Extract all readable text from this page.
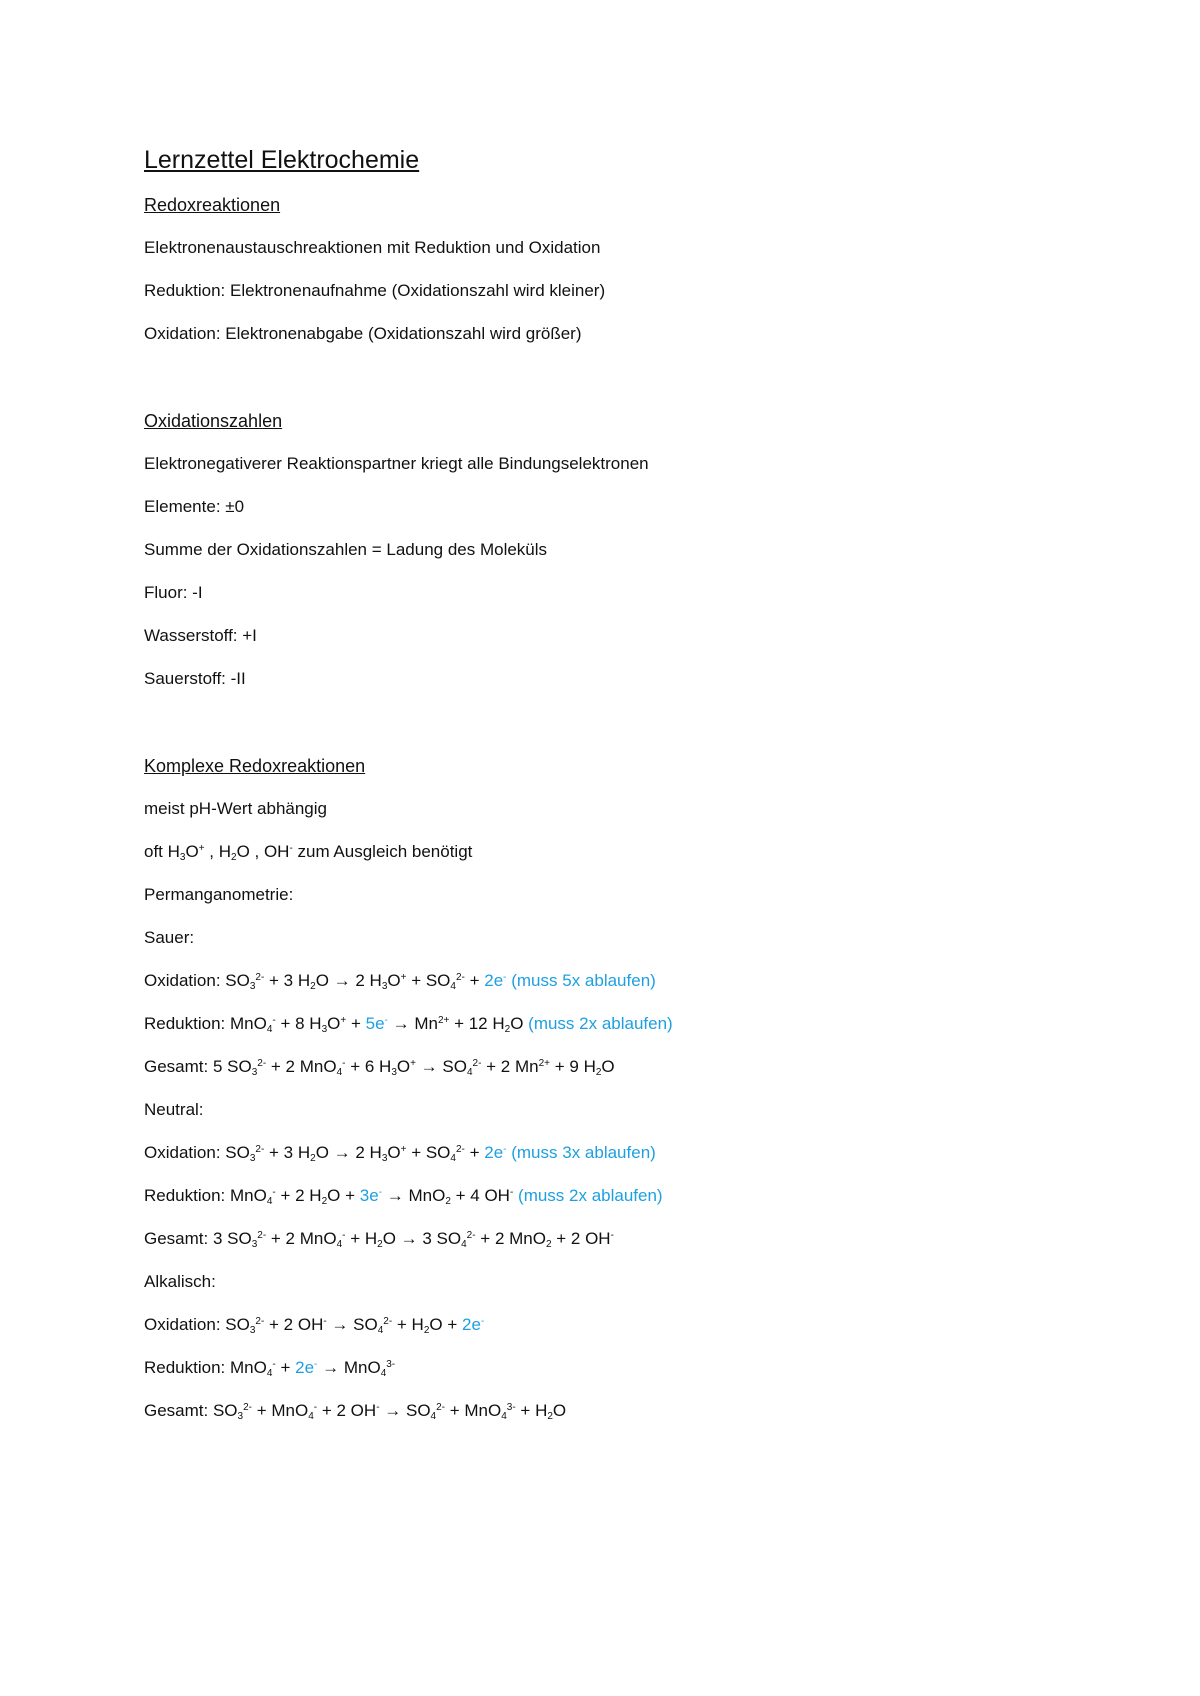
Lernzettel Elektrochemie
Redoxreaktionen
Elektronenaustauschreaktionen mit Reduktion und Oxidation
Reduktion: Elektronenaufnahme (Oxidationszahl wird kleiner)
Oxidation: Elektronenabgabe (Oxidationszahl wird größer)
Oxidationszahlen
Elektronegativerer Reaktionspartner kriegt alle Bindungselektronen
Elemente: ±0
Summe der Oxidationszahlen = Ladung des Moleküls
Fluor: -I
Wasserstoff: +I
Sauerstoff: -II
Komplexe Redoxreaktionen
meist pH-Wert abhängig
oft $H_3O^+$ , $H_2O$ , OH- zum Ausgleich benötigt
Permanganometrie:
Sauer:
Oxidation: $SO_3^{2-} + 3$ $H_2O \to 2$ $H_3O^+ + SO_4^{2-} + 2e^-$ (muss 5x ablaufen)
Reduktion: MnO$_4$- + 8 $H_3O^+ + 5e^- \to Mn^{2+} + 12$ $H_2O$ (muss 2x ablaufen)
Gesamt: 5 $SO_3^{2-} + 2$ MnO$_4$- + 6 $H_3O^+ \to SO_4^{2-} + 2$ $Mn^{2+} + 9$ $H_2O$
Neutral:
Oxidation: $SO_3^{2-} + 3$ $H_2O \to 2$ $H_3O^+ + SO_4^{2-} + 2e^-$ (muss 3x ablaufen)
Reduktion: MnO$_4$- + 2 $H_2O + 3e^- \to MnO_2 + 4$ OH- (muss 2x ablaufen)
Gesamt: 3 $SO_3^{2-} + 2$ $MnO_4^- + H_2O \to 3$ $SO_4^{2-} + 2$ MnO$_2$ + 2 OH-
Alkalisch:
Oxidation: $SO_3^{2-} + 2$ $OH^- \to SO_4^{2-} + H_2O + 2e^-$
Reduktion: MnO$_4$- + 2e- → MnO$_4^{3-}$
Gesamt: $SO_3^{2-} + MnO_4^- + 2$ $OH^- \to SO_4^{2-} + MnO_4^{3-} + H_2O$
